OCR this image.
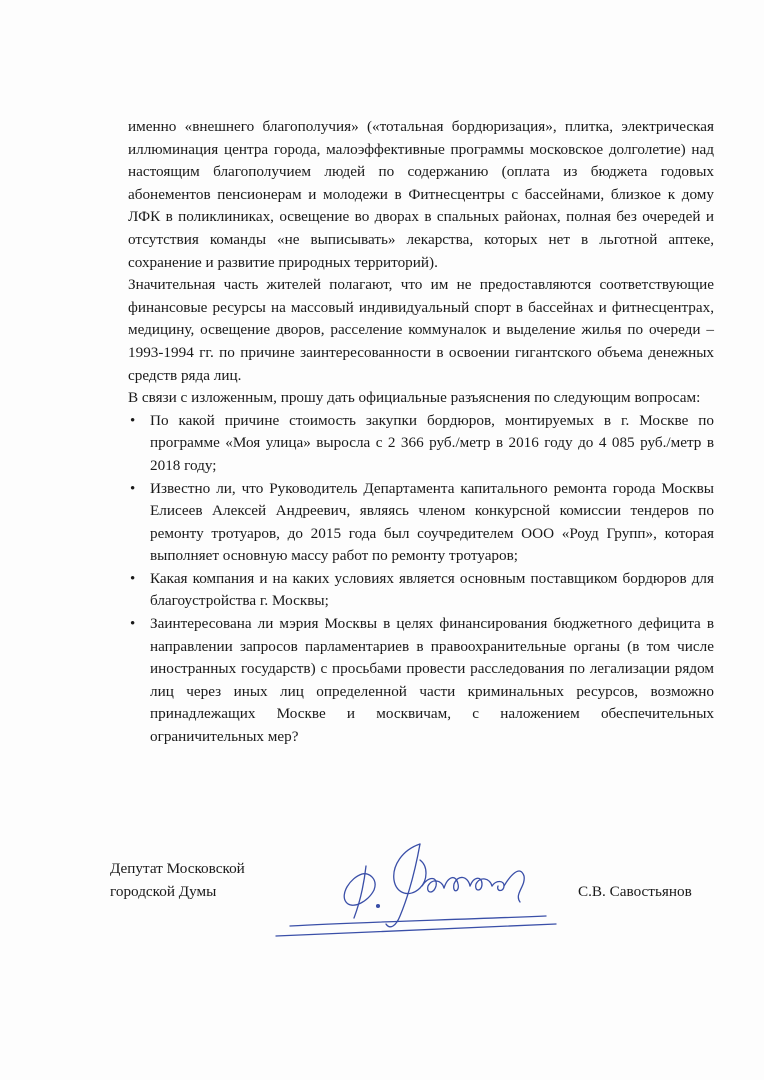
именно «внешнего благополучия» («тотальная бордюризация», плитка, электрическая иллюминация центра города, малоэффективные программы московское долголетие) над настоящим благополучием людей по содержанию (оплата из бюджета годовых абонементов пенсионерам и молодежи в Фитнесцентры с бассейнами, близкое к дому ЛФК в поликлиниках, освещение во дворах в спальных районах, полная без очередей и отсутствия команды «не выписывать» лекарства, которых нет в льготной аптеке, сохранение и развитие природных территорий).

Значительная часть жителей полагают, что им не предоставляются соответствующие финансовые ресурсы на массовый индивидуальный спорт в бассейнах и фитнесцентрах, медицину, освещение дворов, расселение коммуналок и выделение жилья по очереди – 1993-1994 гг. по причине заинтересованности в освоении гигантского объема денежных средств ряда лиц.

В связи с изложенным, прошу дать официальные разъяснения по следующим вопросам:

• По какой причине стоимость закупки бордюров, монтируемых в г. Москве по программе «Моя улица» выросла с 2 366 руб./метр в 2016 году до 4 085 руб./метр в 2018 году;
• Известно ли, что Руководитель Департамента капитального ремонта города Москвы Елисеев Алексей Андреевич, являясь членом конкурсной комиссии тендеров по ремонту тротуаров, до 2015 года был соучредителем ООО «Роуд Групп», которая выполняет основную массу работ по ремонту тротуаров;
• Какая компания и на каких условиях является основным поставщиком бордюров для благоустройства г. Москвы;
• Заинтересована ли мэрия Москвы в целях финансирования бюджетного дефицита в направлении запросов парламентариев в правоохранительные органы (в том числе иностранных государств) с просьбами провести расследования по легализации рядом лиц через иных лиц определенной части криминальных ресурсов, возможно принадлежащих Москве и москвичам, с наложением обеспечительных ограничительных мер?
Депутат Московской
городской Думы	С.В. Савостьянов
